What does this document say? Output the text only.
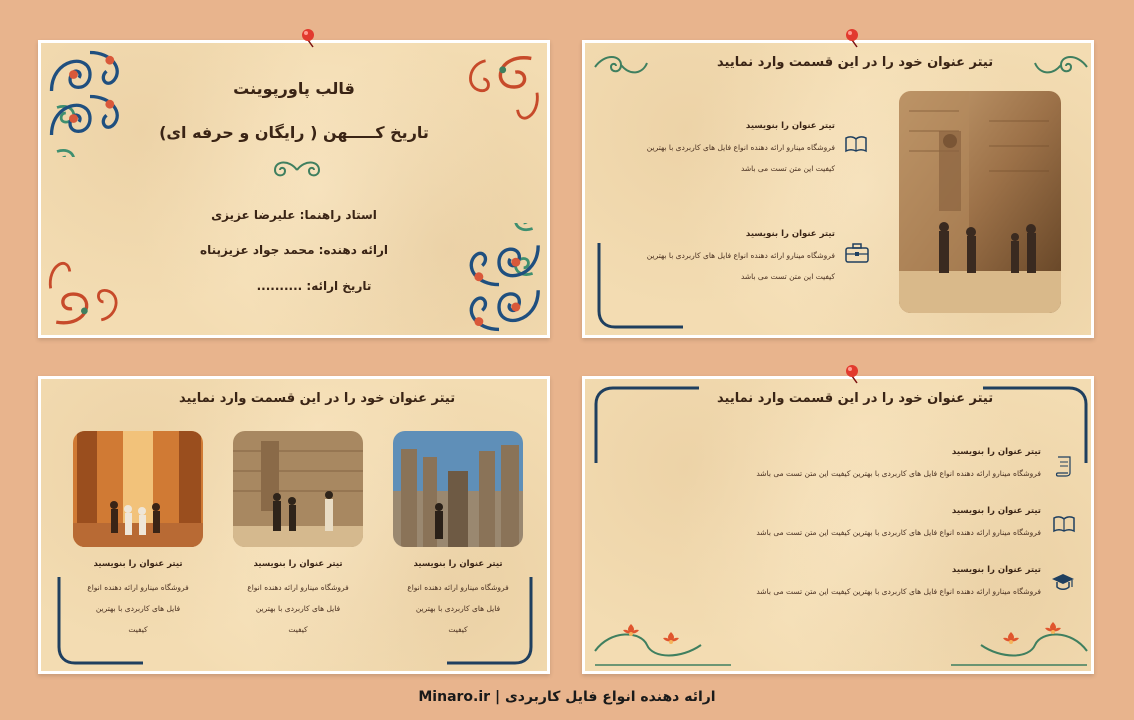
قالب پاورپوینت
تاریخ کـــــهن ( رایگان و حرفه ای)
استاد راهنما: علیرضا عزیزی
ارائه دهنده: محمد جواد عزیزپناه
تاریخ ارائه: ..........
تیتر عنوان خود را در این قسمت وارد نمایید
تیتر عنوان را بنویسید
فروشگاه مینارو ارائه دهنده انواع فایل های کاربردی با بهترین
کیفیت این متن تست می باشد
تیتر عنوان را بنویسید
فروشگاه مینارو ارائه دهنده انواع فایل های کاربردی با بهترین
کیفیت این متن تست می باشد
تیتر عنوان خود را در این قسمت وارد نمایید
تیتر عنوان را بنویسید
فروشگاه مینارو ارائه دهنده انواع
فایل های کاربردی با بهترین
کیفیت
تیتر عنوان را بنویسید
فروشگاه مینارو ارائه دهنده انواع
فایل های کاربردی با بهترین
کیفیت
تیتر عنوان را بنویسید
فروشگاه مینارو ارائه دهنده انواع
فایل های کاربردی با بهترین
کیفیت
تیتر عنوان خود را در این قسمت وارد نمایید
تیتر عنوان را بنویسید
فروشگاه مینارو ارائه دهنده انواع فایل های کاربردی با بهترین کیفیت این متن تست می باشد
تیتر عنوان را بنویسید
فروشگاه مینارو ارائه دهنده انواع فایل های کاربردی با بهترین کیفیت این متن تست می باشد
تیتر عنوان را بنویسید
فروشگاه مینارو ارائه دهنده انواع فایل های کاربردی با بهترین کیفیت این متن تست می باشد
Minaro.ir | ارائه دهنده انواع فایل کاربردی
